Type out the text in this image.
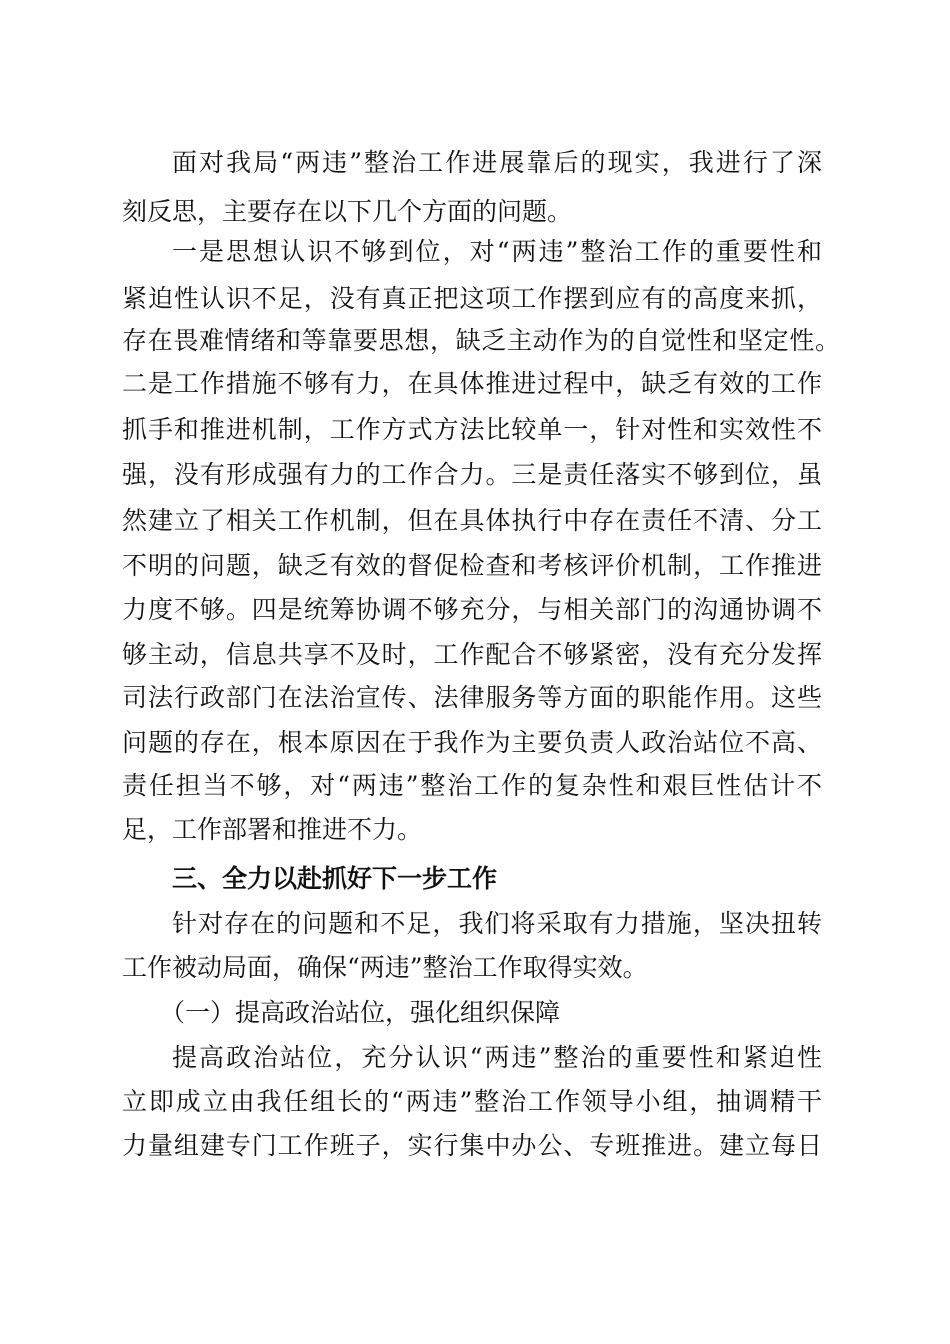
面对我局“两违”整治工作进展靠后的现实，我进行了深
刻反思，主要存在以下几个方面的问题。
一是思想认识不够到位，对“两违”整治工作的重要性和
紧迫性认识不足，没有真正把这项工作摆到应有的高度来抓，
存在畏难情绪和等靠要思想，缺乏主动作为的自觉性和坚定性。
二是工作措施不够有力，在具体推进过程中，缺乏有效的工作
抓手和推进机制，工作方式方法比较单一，针对性和实效性不
强，没有形成强有力的工作合力。三是责任落实不够到位，虽
然建立了相关工作机制，但在具体执行中存在责任不清、分工
不明的问题，缺乏有效的督促检查和考核评价机制，工作推进
力度不够。四是统筹协调不够充分，与相关部门的沟通协调不
够主动，信息共享不及时，工作配合不够紧密，没有充分发挥
司法行政部门在法治宣传、法律服务等方面的职能作用。这些
问题的存在，根本原因在于我作为主要负责人政治站位不高、
责任担当不够，对“两违”整治工作的复杂性和艰巨性估计不
足，工作部署和推进不力。
三、全力以赴抓好下一步工作
针对存在的问题和不足，我们将采取有力措施，坚决扭转
工作被动局面，确保“两违”整治工作取得实效。
（一）提高政治站位，强化组织保障
提高政治站位，充分认识“两违”整治的重要性和紧迫性
立即成立由我任组长的“两违”整治工作领导小组，抽调精干
力量组建专门工作班子，实行集中办公、专班推进。建立每日
